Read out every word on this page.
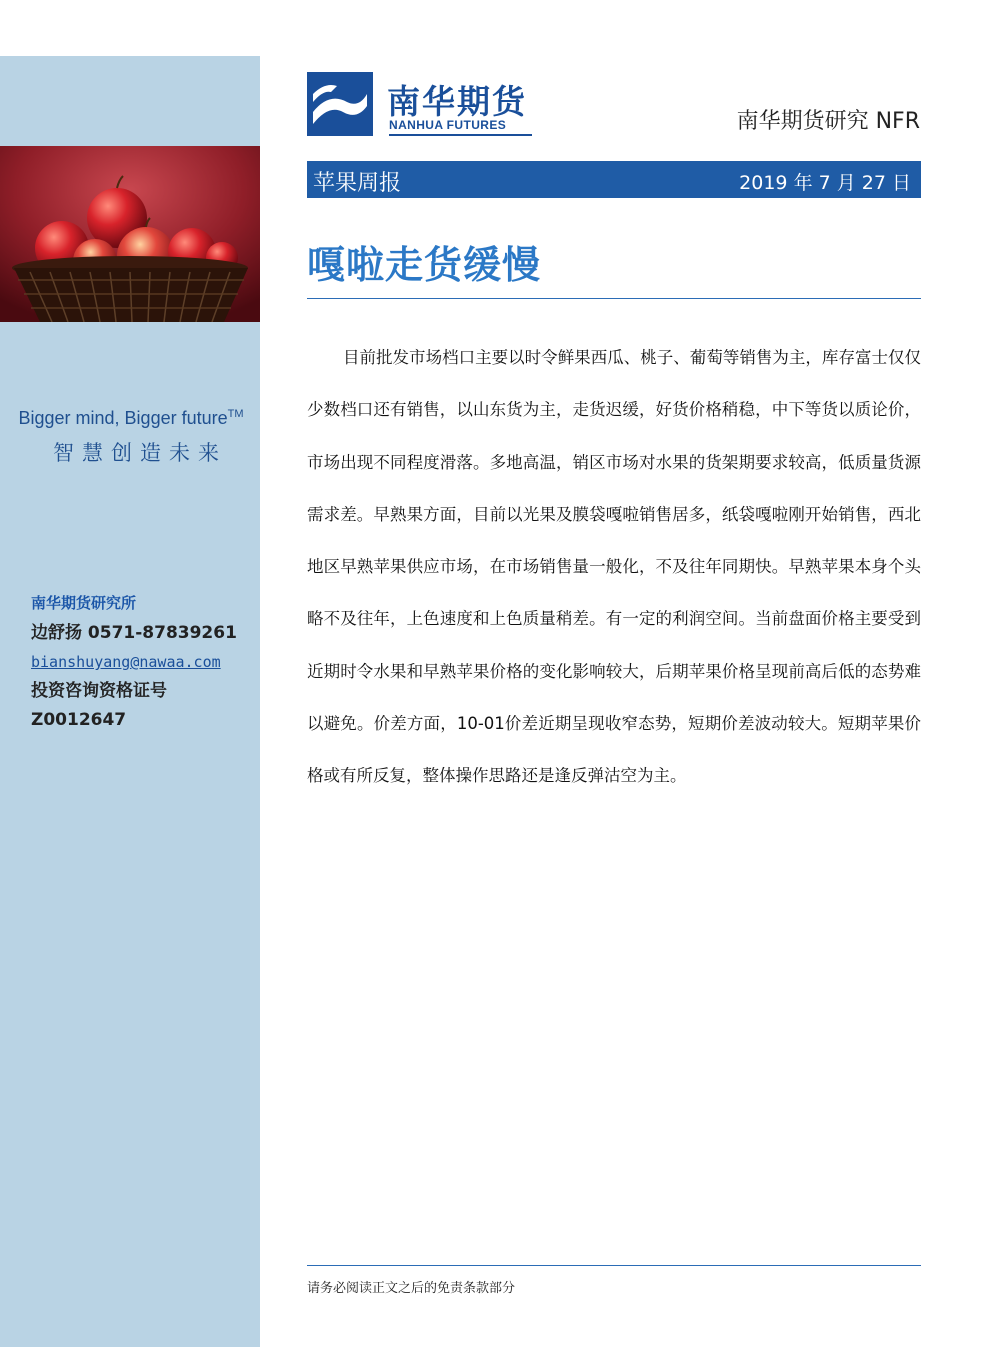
Bigger mind, Bigger future™
智慧创造未来
南华期货研究所
边舒扬 0571-87839261
bianshuyang@nawaa.com
投资咨询资格证号
Z0012647
南华期货
NANHUA FUTURES	南华期货研究 NFR
苹果周报	2019 年 7 月 27 日
嘎啦走货缓慢
目前批发市场档口主要以时令鲜果西瓜、桃子、葡萄等销售为主，库存富士仅仅少数档口还有销售，以山东货为主，走货迟缓，好货价格稍稳，中下等货以质论价，市场出现不同程度滑落。多地高温，销区市场对水果的货架期要求较高，低质量货源需求差。早熟果方面，目前以光果及膜袋嘎啦销售居多，纸袋嘎啦刚开始销售，西北地区早熟苹果供应市场，在市场销售量一般化，不及往年同期快。早熟苹果本身个头略不及往年，上色速度和上色质量稍差。有一定的利润空间。当前盘面价格主要受到近期时令水果和早熟苹果价格的变化影响较大，后期苹果价格呈现前高后低的态势难以避免。价差方面，10-01价差近期呈现收窄态势，短期价差波动较大。短期苹果价格或有所反复，整体操作思路还是逢反弹沽空为主。
请务必阅读正文之后的免责条款部分
